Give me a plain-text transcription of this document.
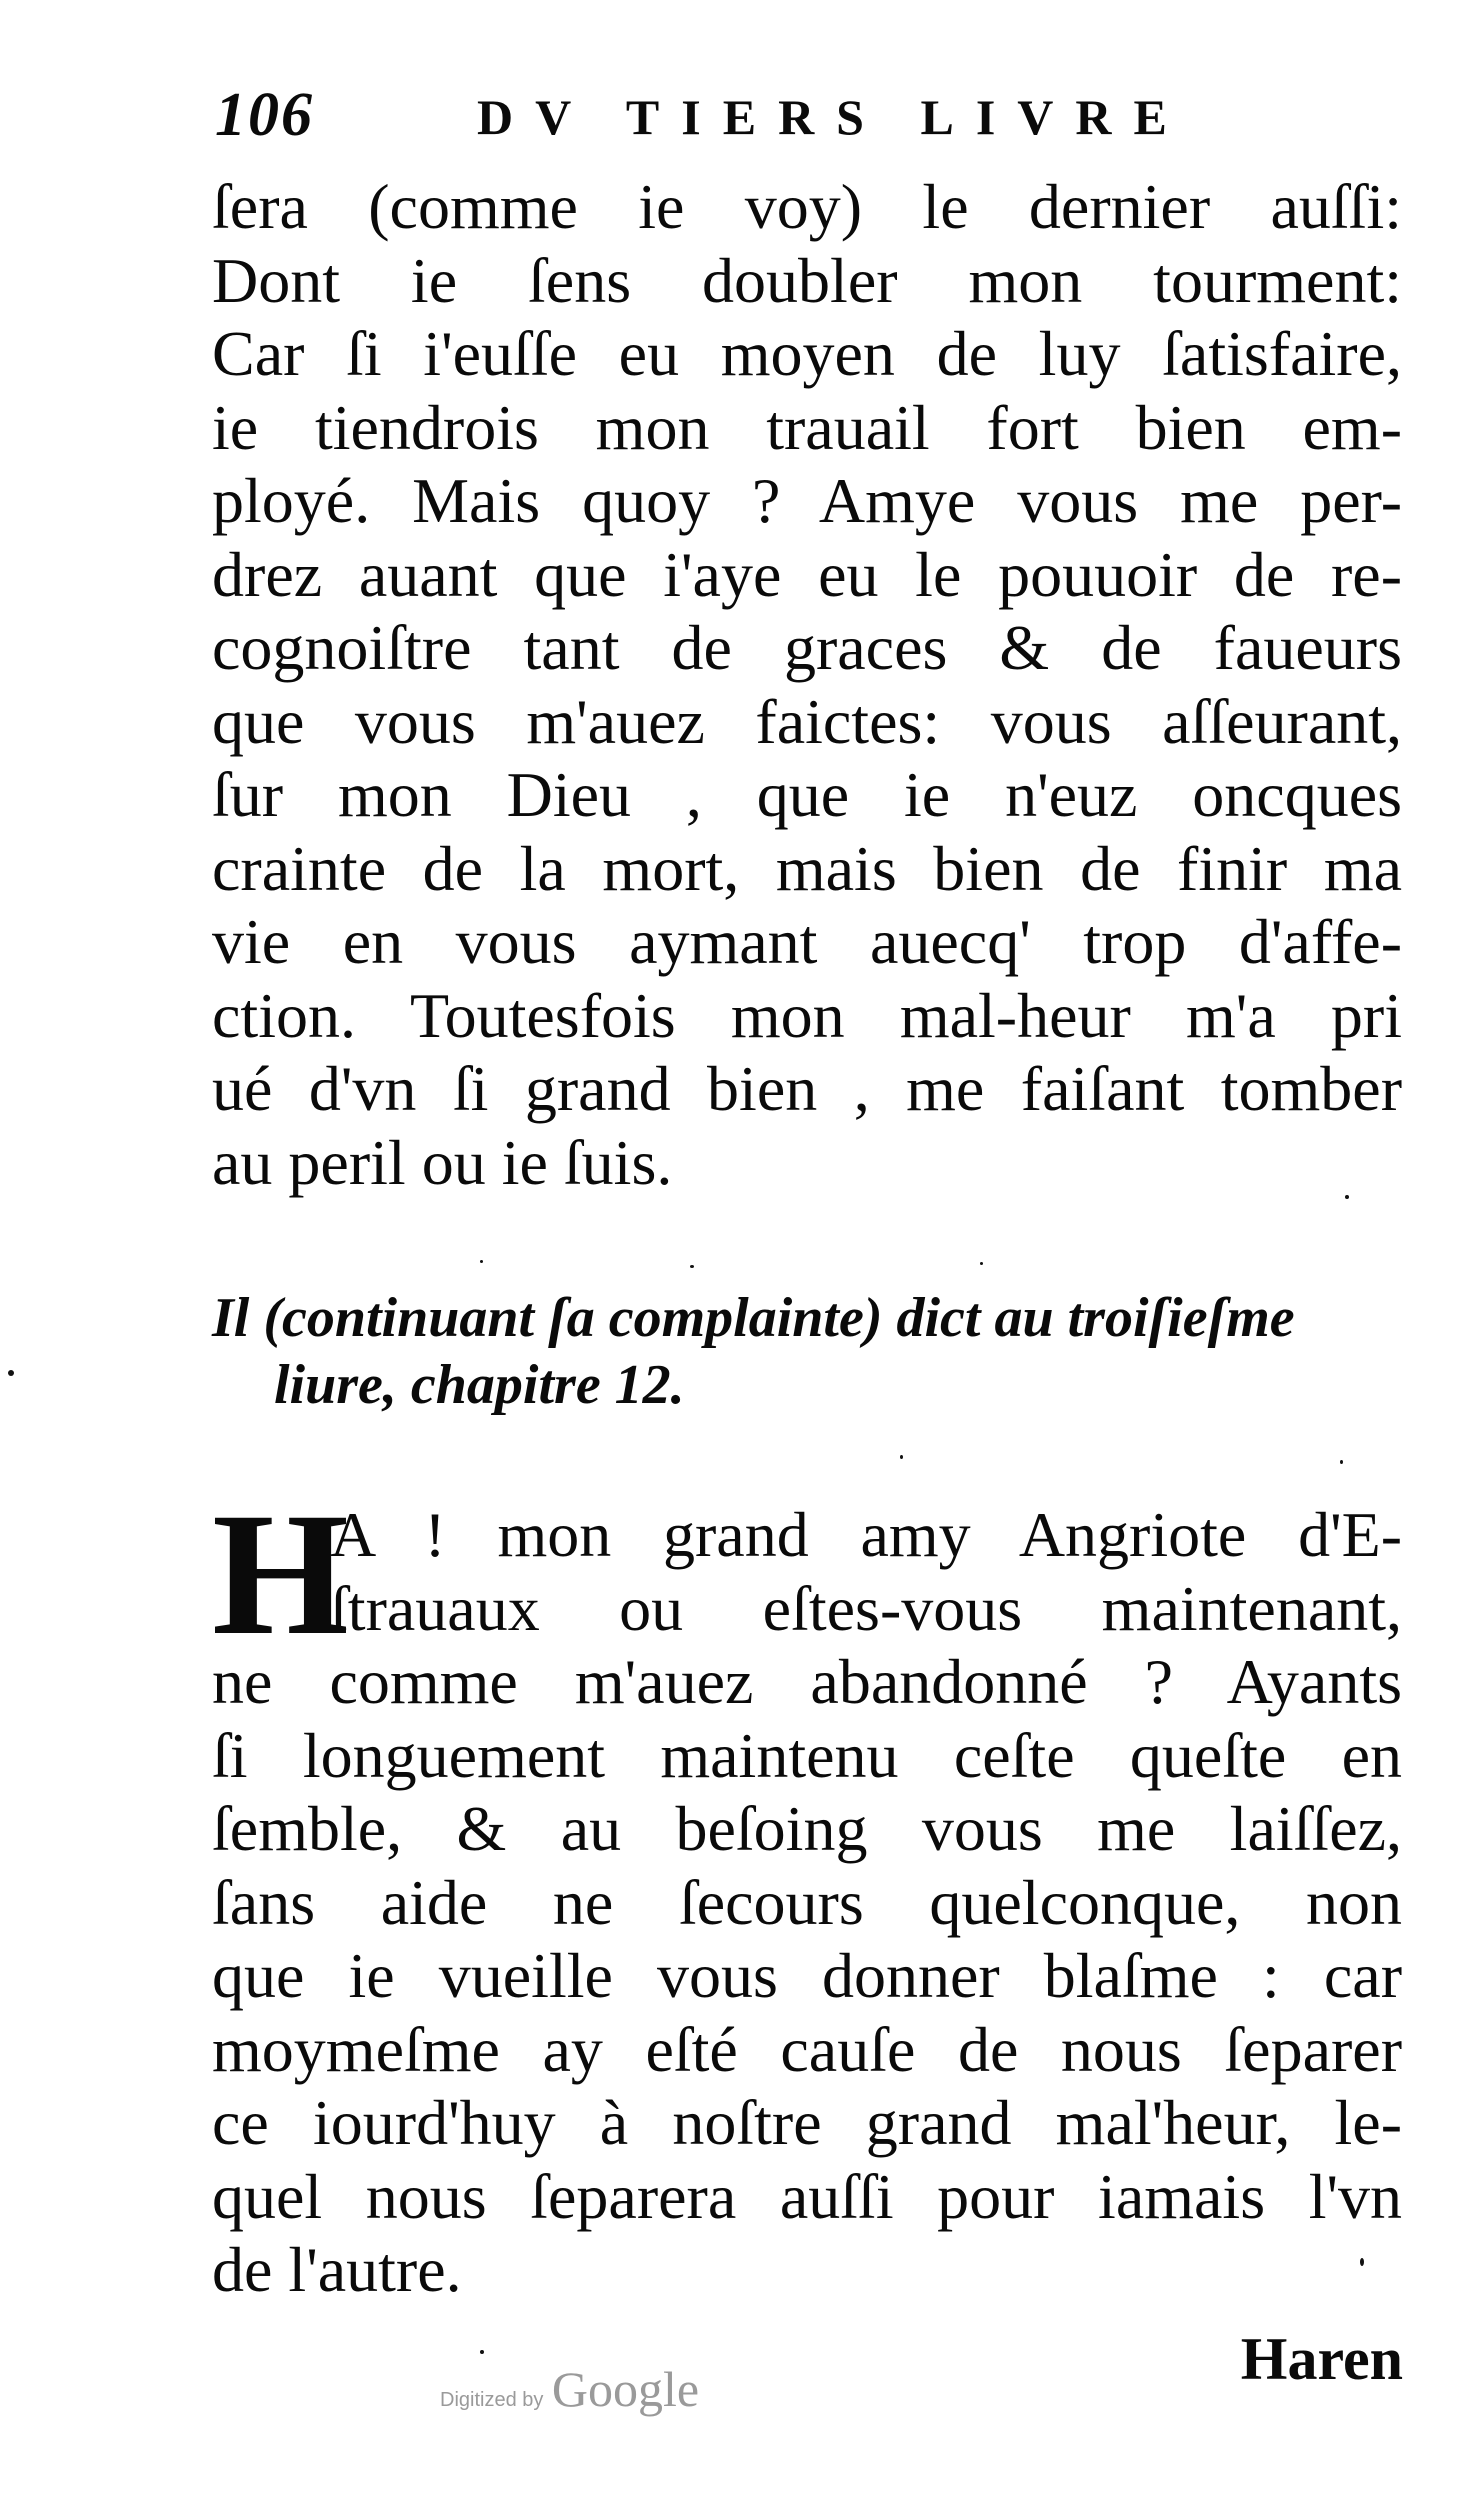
106	DV TIERS LIVRE
ſera (comme ie voy) le dernier auſſi:
Dont ie ſens doubler mon tourment:
Car ſi i'euſſe eu moyen de luy ſatisfaire,
ie tiendrois mon trauail fort bien em-
ployé. Mais quoy ? Amye vous me per-
drez auant que i'aye eu le pouuoir de re-
cognoiſtre tant de graces & de faueurs
que vous m'auez faictes: vous aſſeurant,
ſur mon Dieu , que ie n'euz oncques
crainte de la mort, mais bien de finir ma
vie en vous aymant auecq' trop d'affe-
ction. Toutesfois mon mal-heur m'a pri
ué d'vn ſi grand bien , me faiſant tomber
au peril ou ie ſuis.
Il (continuant ſa complainte) dict au troiſieſme
liure, chapitre 12.
H
A ! mon grand amy Angriote d'E-
ſtrauaux ou eſtes-vous maintenant,
ne comme m'auez abandonné ? Ayants
ſi longuement maintenu ceſte queſte en
ſemble, & au beſoing vous me laiſſez,
ſans aide ne ſecours quelconque, non
que ie vueille vous donner blaſme : car
moymeſme ay eſté cauſe de nous ſeparer
ce iourd'huy à noſtre grand mal'heur, le-
quel nous ſeparera auſſi pour iamais l'vn
de l'autre.
Haren
Digitized by Google
